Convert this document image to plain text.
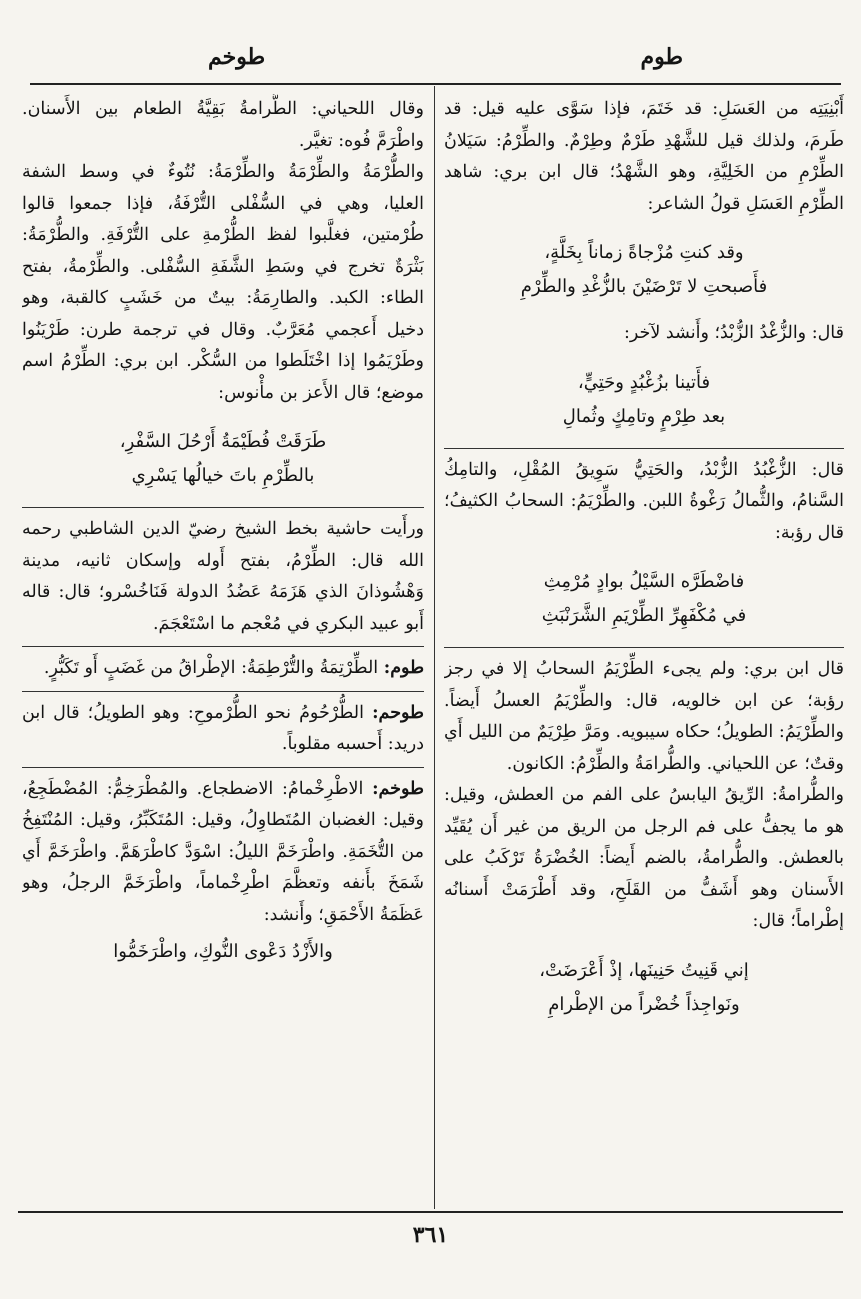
طوم
طوخم

أَبْنِيَتِه من العَسَلِ: قد خَتَمَ، فإذا سَوَّى عليه قيل: قد طَرمَ، ولذلك قيل للشَّهْدِ طَرْمٌ وطِرْمٌ. والطِّرْمُ: سَيَلانُ الطِّرْمِ من الخَلِيَّةِ، وهو الشَّهْدُ؛ قال ابن بري: شاهد الطِّرْمِ العَسَلِ قولُ الشاعر:

وقد كنتِ مُزْجاةً زماناً بِخَلَّةٍ،
فأَصبحتِ لا تَرْضَيْنَ بالزُّغْدِ والطِّرْمِ

قال: والزُّغْدُ الزُّبْدُ؛ وأَنشد لآخر:

فأَتينا بزُغْبُدٍ وحَتِيٍّ،
بعد طِرْمٍ وتامِكٍ وثُمالِ

قال: الزُّغْبُدُ الزُّبْدُ، والحَتِيُّ سَوِيقُ المُقْلِ، والتامِكُ السَّنامُ، والثُّمالُ رَغْوةُ اللبن. والطِّرْيَمُ: السحابُ الكثيفُ؛ قال رؤبة:

فاضْطَرَّه السَّيْلُ بوادٍ مُرْمِثِ
في مُكْفَهِرِّ الطِّرْيَمِ الشَّرَنْبَثِ

قال ابن بري: ولم يجىء الطِّرْيَمُ السحابُ إلا في رجز رؤبة؛ عن ابن خالويه، قال: والطِّرْيَمُ العسلُ أَيضاً. والطِّرْيَمُ: الطويلُ؛ حكاه سيبويه. ومَرَّ طِرْيَمٌ من الليل أَي وقتٌ؛ عن اللحياني. والطُّرامَةُ والطِّرْمُ: الكانون.

والطُّرامةُ: الرِّيقُ اليابسُ على الفم من العطش، وقيل: هو ما يجفُّ على فم الرجل من الريق من غير أَن يُقَيِّد بالعطش. والطُّرامةُ، بالضم أَيضاً: الخُضْرَةُ تَرْكَبُ على الأَسنان وهو أَشَفُّ من القَلَحِ، وقد أَطْرَمَتْ أَسنانُه إطْراماً؛ قال:

إني قَنِيتُ حَنِينَها، إذْ أَعْرَضَتْ،
ونَواجِذاً خُضْراً من الإطْرامِ

وقال اللحياني: الطُّرامةُ بَقِيَّةُ الطعام بين الأَسنان. واطْرَمَّ فُوه: تغيَّر.

والطُّرْمَةُ والطِّرْمَةُ والطِّرْمَةُ: نُتُوءٌ في وسط الشفة العليا، وهي في السُّفْلى التُّرْفَةُ، فإذا جمعوا قالوا طُرْمتين، فغلَّبوا لفظ الطُّرْمةِ على التُّرْفَةِ. والطُّرْمَةُ: بَثْرَةٌ تخرج في وسَطِ الشَّفَةِ السُّفْلى. والطِّرْمةُ، بفتح الطاء: الكبد. والطارِمَةُ: بيتٌ من خَشَبٍ كالقبة، وهو دخيل أَعجمي مُعَرَّبٌ. وقال في ترجمة طرن: طَرْيَنُوا وطَرْيَمُوا إذا اخْتَلَطوا من السُّكْر. ابن بري: الطِّرْمُ اسم موضع؛ قال الأَعز بن مأْنوس:

طَرَقَتْ فُطَيْمَةُ أَرْحُلَ السَّفْرِ،
بالطِّرْمِ باتَ خيالُها يَسْرِي

ورأَيت حاشية بخط الشيخ رضيّ الدين الشاطبي رحمه الله قال: الطِّرْمُ، بفتح أَوله وإسكان ثانيه، مدينة وَهْشُوذانَ الذي هَزَمَهُ عَضُدُ الدولة فَنَاخُسْرو؛ قال: قاله أَبو عبيد البكري في مُعْجم ما اسْتَعْجَمَ.

طوم: الطِّرْتِمَةُ والتُّرْطِمَةُ: الإطْراقُ من غَضَبٍ أَو تَكَبُّرٍ.

طوحم: الطُّرْحُومُ نحو الطُّرْموحِ: وهو الطويلُ؛ قال ابن دريد: أَحسبه مقلوباً.

طوخم: الاطْرِخْمامُ: الاضطجاع. والمُطْرَخِمُّ: المُضْطَجِعُ، وقيل: الغضبان المُتَطاوِلُ، وقيل: المُتَكَبِّرُ، وقيل: المُنْتَفِخُ من التُّخَمَةِ. واطْرَخَمَّ الليلُ: اسْوَدَّ كاطْرَهَمَّ. واطْرَخَمَّ أَي شَمَخَ بأَنفه وتعظَّمَ اطْرِخْماماً، واطْرَخَمَّ الرجلُ، وهو عَظَمَةُ الأَحْمَقِ؛ وأَنشد:

والأَزْدُ دَعْوى النُّوكِ، واطْرَخَمُّوا
٣٦١
